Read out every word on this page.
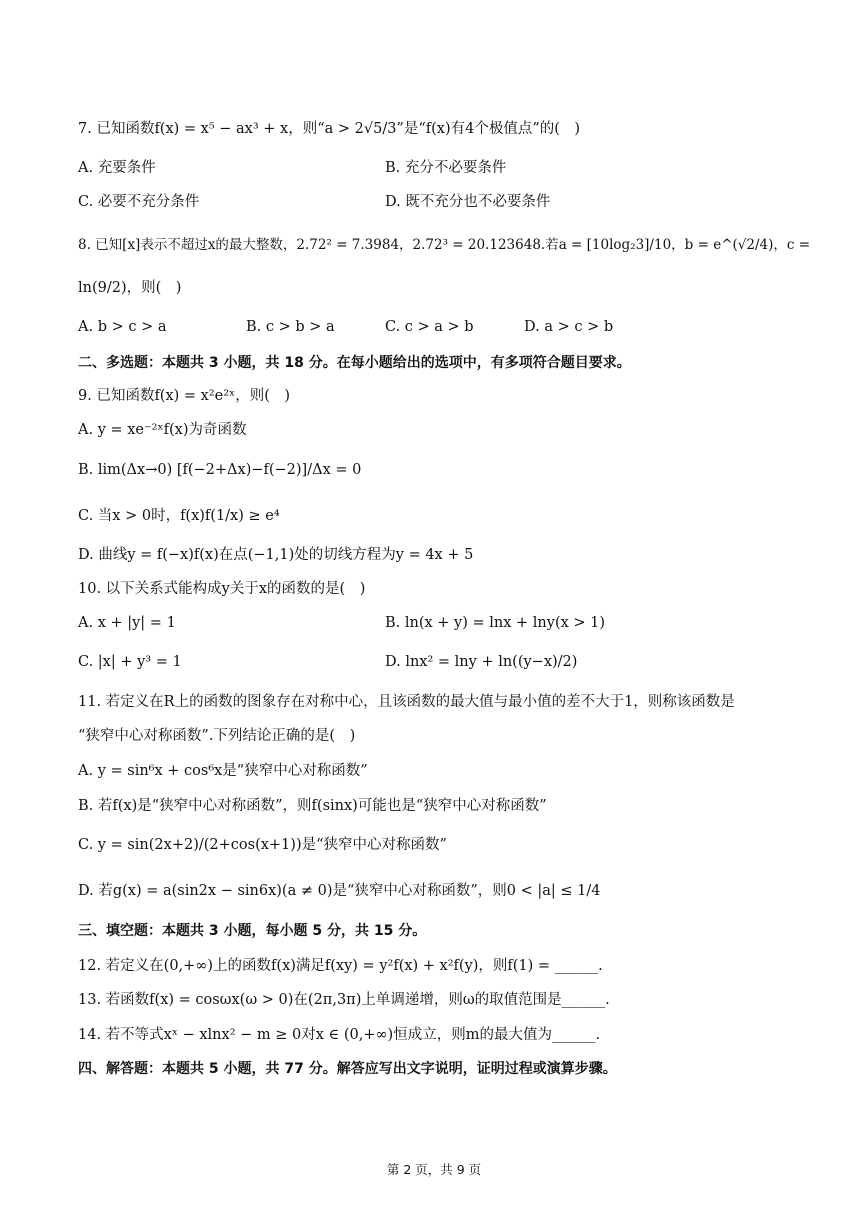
7. 已知函数f(x) = x⁵ − ax³ + x，则“a > 2√5/3”是“f(x)有4个极值点”的(　)
A. 充要条件	B. 充分不必要条件
C. 必要不充分条件	D. 既不充分也不必要条件
8. 已知[x]表示不超过x的最大整数，2.72² = 7.3984，2.72³ = 20.123648.若a = [10log₂3]/10，b = e^(√2/4)，c =
ln(9/2)，则(　)
A. b > c > a	B. c > b > a	C. c > a > b	D. a > c > b
二、多选题：本题共 3 小题，共 18 分。在每小题给出的选项中，有多项符合题目要求。
9. 已知函数f(x) = x²e²ˣ，则(　)
A. y = xe⁻²ˣf(x)为奇函数
B. lim(Δx→0) [f(−2+Δx)−f(−2)]/Δx = 0
C. 当x > 0时，f(x)f(1/x) ≥ e⁴
D. 曲线y = f(−x)f(x)在点(−1,1)处的切线方程为y = 4x + 5
10. 以下关系式能构成y关于x的函数的是(　)
A. x + |y| = 1	B. ln(x + y) = lnx + lny(x > 1)
C. |x| + y³ = 1	D. lnx² = lny + ln((y−x)/2)
11. 若定义在R上的函数的图象存在对称中心，且该函数的最大值与最小值的差不大于1，则称该函数是
“狭窄中心对称函数”.下列结论正确的是(　)
A. y = sin⁶x + cos⁶x是“狭窄中心对称函数”
B. 若f(x)是“狭窄中心对称函数”，则f(sinx)可能也是“狭窄中心对称函数”
C. y = sin(2x+2)/(2+cos(x+1))是“狭窄中心对称函数”
D. 若g(x) = a(sin2x − sin6x)(a ≠ 0)是“狭窄中心对称函数”，则0 < |a| ≤ 1/4
三、填空题：本题共 3 小题，每小题 5 分，共 15 分。
12. 若定义在(0,+∞)上的函数f(x)满足f(xy) = y²f(x) + x²f(y)，则f(1) = ______.
13. 若函数f(x) = cosωx(ω > 0)在(2π,3π)上单调递增，则ω的取值范围是______.
14. 若不等式xˣ − xlnx² − m ≥ 0对x ∈ (0,+∞)恒成立，则m的最大值为______.
四、解答题：本题共 5 小题，共 77 分。解答应写出文字说明，证明过程或演算步骤。
第 2 页，共 9 页
